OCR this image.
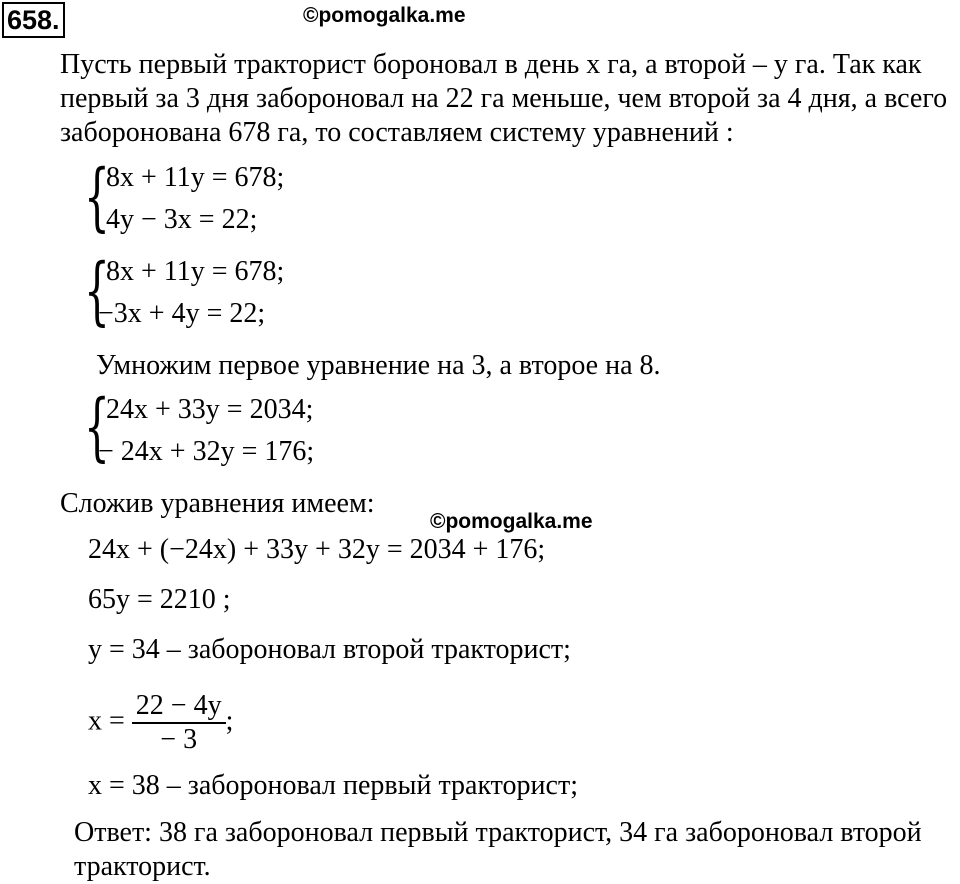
658.	©pomogalka.me
Пусть первый тракторист бороновал в день x га, а второй – y га. Так как
первый за 3 дня забороновал на 22 га меньше, чем второй за 4 дня, а всего
заборонована 678 га, то составляем систему уравнений :
{
8x + 11y = 678;
4y − 3x = 22;
{
8x + 11y = 678;
−3x + 4y = 22;
Умножим первое уравнение на 3, а второе на 8.
{
24x + 33y = 2034;
− 24x + 32y = 176;
Сложив уравнения имеем:
©pomogalka.me
24x + (−24x) + 33y + 32y = 2034 + 176;
65y = 2210 ;
y = 34 – забороновал второй тракторист;
$x = \frac{22 - 4y}{- 3}$ ;
x = 38 – забороновал первый тракторист;
Ответ: 38 га забороновал первый тракторист, 34 га забороновал второй
тракторист.
